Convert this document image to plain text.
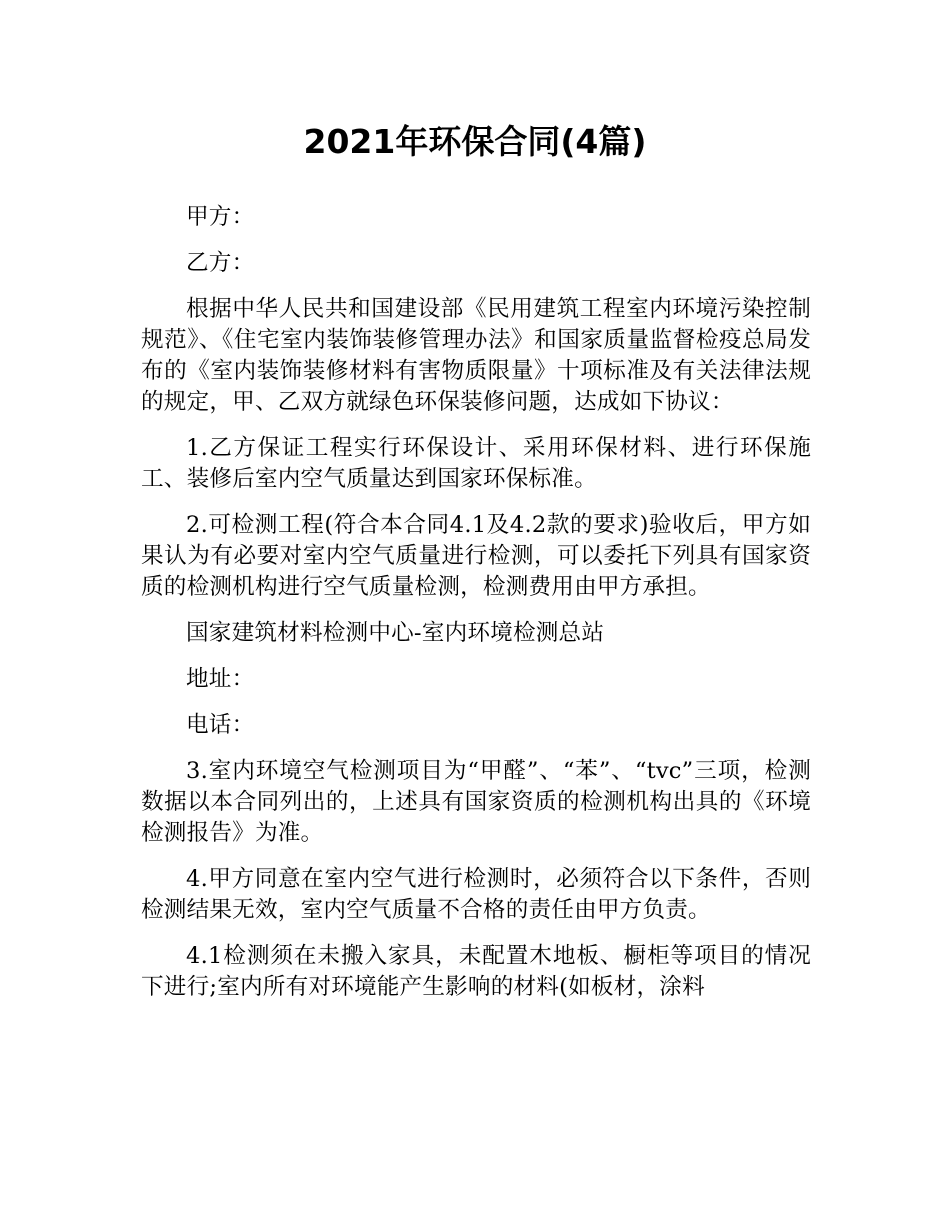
2021年环保合同(4篇)

甲方：

乙方：

根据中华人民共和国建设部《民用建筑工程室内环境污染控制规范》、《住宅室内装饰装修管理办法》和国家质量监督检疫总局发布的《室内装饰装修材料有害物质限量》十项标准及有关法律法规的规定，甲、乙双方就绿色环保装修问题，达成如下协议：

1.乙方保证工程实行环保设计、采用环保材料、进行环保施工、装修后室内空气质量达到国家环保标准。

2.可检测工程(符合本合同4.1及4.2款的要求)验收后，甲方如果认为有必要对室内空气质量进行检测，可以委托下列具有国家资质的检测机构进行空气质量检测，检测费用由甲方承担。

国家建筑材料检测中心-室内环境检测总站

地址：

电话：

3.室内环境空气检测项目为“甲醛”、“苯”、“tvc”三项，检测数据以本合同列出的，上述具有国家资质的检测机构出具的《环境检测报告》为准。

4.甲方同意在室内空气进行检测时，必须符合以下条件，否则检测结果无效，室内空气质量不合格的责任由甲方负责。

4.1检测须在未搬入家具，未配置木地板、橱柜等项目的情况下进行;室内所有对环境能产生影响的材料(如板材，涂料
